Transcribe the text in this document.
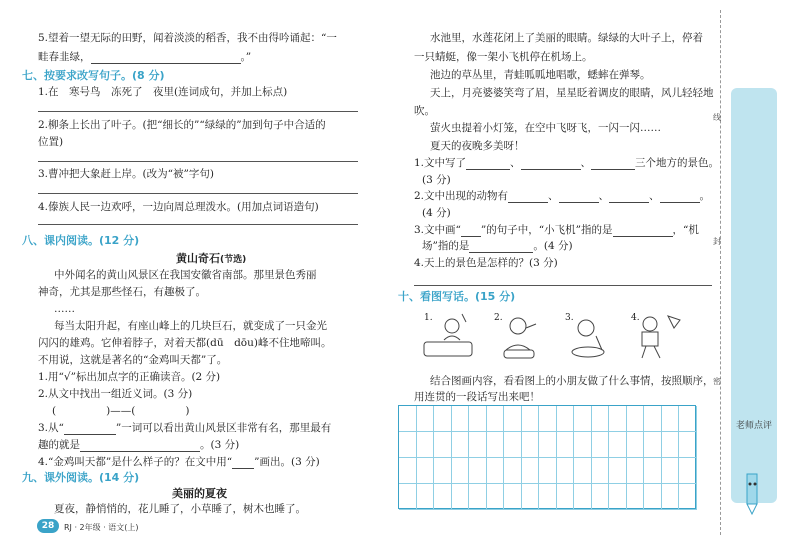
5.望着一望无际的田野，闻着淡淡的稻香，我不由得吟诵起：“一
畦春韭绿，	。”
七、按要求改写句子。(8 分)
1.在　寒号鸟　冻死了　夜里(连词成句，并加上标点)
2.柳条上长出了叶子。(把“细长的”“绿绿的”加到句子中合适的
位置)
3.曹冲把大象赶上岸。(改为“被”字句)
4.傣族人民一边欢呼，一边向周总理泼水。(用加点词语造句)
八、课内阅读。(12 分)
黄山奇石(节选)
中外闻名的黄山风景区在我国安徽省南部。那里景色秀丽
神奇，尤其是那些怪石，有趣极了。
……
每当太阳升起，有座山峰上的几块巨石，就变成了一只金光
闪闪的雄鸡。它伸着脖子，对着天都(dū　dōu)峰不住地啼叫。
不用说，这就是著名的“金鸡叫天都”了。
1.用“√”标出加点字的正确读音。(2 分)
2.从文中找出一组近义词。(3 分)
(	)——(	)
3.从“	”一词可以看出黄山风景区非常有名，那里最有
趣的就是	。(3 分)
4.“金鸡叫天都”是什么样子的？在文中用“ ”画出。(3 分)
九、课外阅读。(14 分)
美丽的夏夜
夏夜，静悄悄的，花儿睡了，小草睡了，树木也睡了。
水池里，水莲花闭上了美丽的眼睛。绿绿的大叶子上，停着
一只蜻蜓，像一架小飞机停在机场上。
池边的草丛里，青蛙呱呱地唱歌，蟋蟀在弹琴。
天上，月亮婆婆笑弯了眉，星星眨着调皮的眼睛，风儿轻轻地
吹。
萤火虫提着小灯笼，在空中飞呀飞，一闪一闪……
夏天的夜晚多美呀！
1.文中写了	、	、	三个地方的景色。
(3 分)
2.文中出现的动物有	、	、	、	。
(4 分)
3.文中画“ ”的句子中，“小飞机”指的是	，“机
场”指的是	。(4 分)
4.天上的景色是怎样的？(3 分)
十、看图写话。(15 分)
1.	2.	3.	4.
结合图画内容，看看图上的小朋友做了什么事情，按照顺序，
用连贯的一段话写出来吧！
线
封
密
老师点评
28	RJ · 2年级 · 语文(上)
